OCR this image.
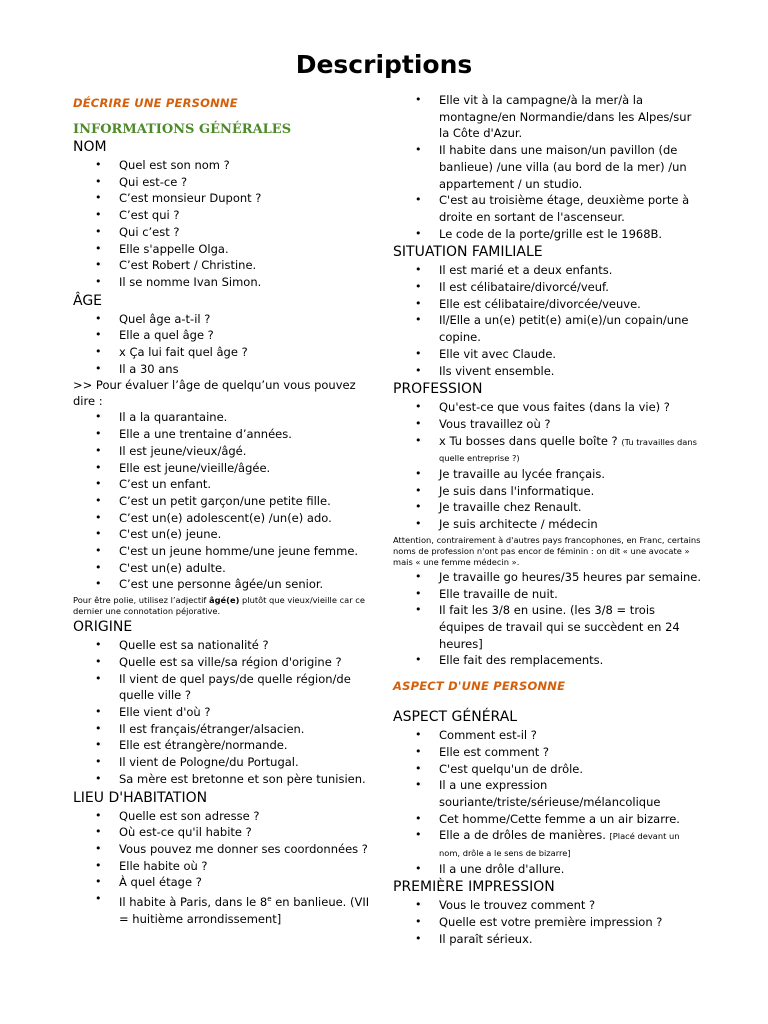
Descriptions
DÉCRIRE UNE PERSONNE
INFORMATIONS GÉNÉRALES
NOM
• Quel est son nom ?
• Qui est-ce ?
• C’est monsieur Dupont ?
• C’est qui ?
• Qui c’est ?
• Elle s'appelle Olga.
• C’est Robert / Christine.
• Il se nomme Ivan Simon.
ÂGE
• Quel âge a-t-il ?
• Elle a quel âge ?
• x Ça lui fait quel âge ?
• Il a 30 ans

>> Pour évaluer l’âge de quelqu’un vous pouvez dire :

• Il a la quarantaine.
• Elle a une trentaine d’années.
• Il est jeune/vieux/âgé.
• Elle est jeune/vieille/âgée.
• C’est un enfant.
• C’est un petit garçon/une petite fille.
• C’est un(e) adolescent(e) /un(e) ado.
• C'est un(e) jeune.
• C'est un jeune homme/une jeune femme.
• C'est un(e) adulte.
• C’est une personne âgée/un senior.

Pour être polie, utilisez l’adjectif âgé(e) plutôt que vieux/vieille car ce dernier une connotation péjorative.

ORIGINE
• Quelle est sa nationalité ?
• Quelle est sa ville/sa région d'origine ?
• Il vient de quel pays/de quelle région/de quelle ville ?
• Elle vient d'où ?
• Il est français/étranger/alsacien.
• Elle est étrangère/normande.
• Il vient de Pologne/du Portugal.
• Sa mère est bretonne et son père tunisien.
LIEU D'HABITATION
• Quelle est son adresse ?
• Où est-ce qu'il habite ?
• Vous pouvez me donner ses coordonnées ?
• Elle habite où ?
• À quel étage ?
• Il habite à Paris, dans le 8e en banlieue. (VII = huitième arrondissement]
• Elle vit à la campagne/à la mer/à la montagne/en Normandie/dans les Alpes/sur la Côte d'Azur.
• Il habite dans une maison/un pavillon (de banlieue) /une villa (au bord de la mer) /un appartement / un studio.
• C'est au troisième étage, deuxième porte à droite en sortant de l'ascenseur.
• Le code de la porte/grille est le 1968B.
SITUATION FAMILIALE
• Il est marié et a deux enfants.
• Il est célibataire/divorcé/veuf.
• Elle est célibataire/divorcée/veuve.
• Il/Elle a un(e) petit(e) ami(e)/un copain/une copine.
• Elle vit avec Claude.
• Ils vivent ensemble.
PROFESSION
• Qu'est-ce que vous faites (dans la vie) ?
• Vous travaillez où ?
• x Tu bosses dans quelle boîte ? (Tu travailles dans quelle entreprise ?)
• Je travaille au lycée français.
• Je suis dans l'informatique.
• Je travaille chez Renault.
• Je suis architecte / médecin

Attention, contrairement à d'autres pays francophones, en Franc, certains noms de profession n'ont pas encor de féminin : on dit « une avocate » mais « une femme médecin ».

• Je travaille go heures/35 heures par semaine.
• Elle travaille de nuit.
• Il fait les 3/8 en usine. (les 3/8 = trois équipes de travail qui se succèdent en 24 heures]
• Elle fait des remplacements.
ASPECT D'UNE PERSONNE
ASPECT GÉNÉRAL
• Comment est-il ?
• Elle est comment ?
• C'est quelqu'un de drôle.
• Il a une expression souriante/triste/sérieuse/mélancolique
• Cet homme/Cette femme a un air bizarre.
• Elle a de drôles de manières. [Placé devant un nom, drôle a le sens de bizarre]
• Il a une drôle d'allure.
PREMIÈRE IMPRESSION
• Vous le trouvez comment ?
• Quelle est votre première impression ?
• Il paraît sérieux.
